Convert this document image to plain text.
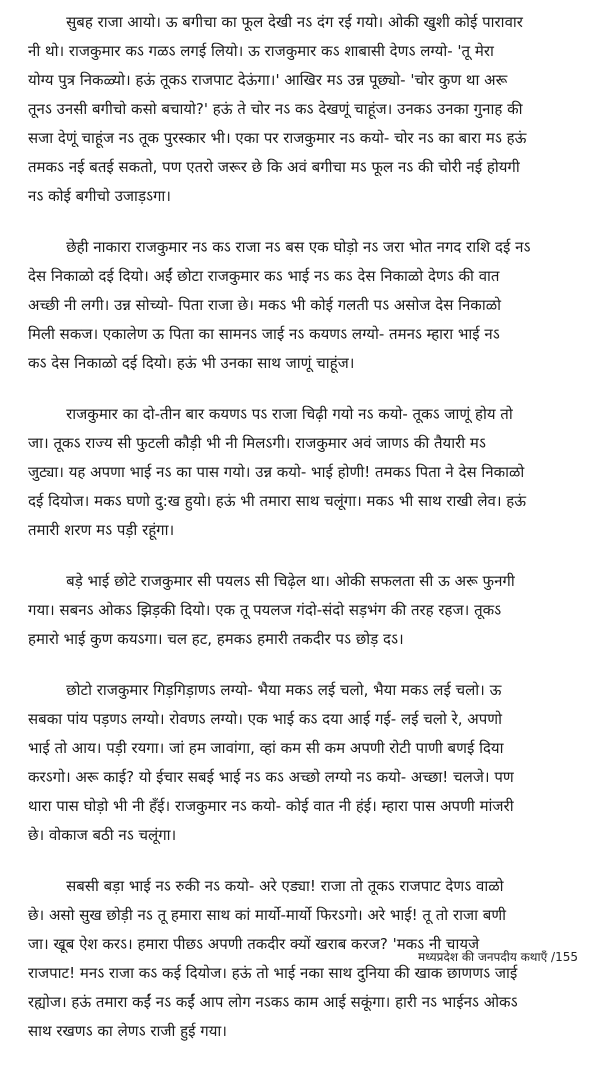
सुबह राजा आयो। ऊ बगीचा का फूल देखी नऽ दंग रई गयो। ओकी खुशी कोई पारावार
नी थो। राजकुमार कऽ गळऽ लगई लियो। ऊ राजकुमार कऽ शाबासी देणऽ लग्यो- 'तू मेरा
योग्य पुत्र निकळ्यो। हऊं तूकऽ राजपाट देऊंगा।' आखिर मऽ उन्न पूछ्यो- 'चोर कुण था अरू
तूनऽ उनसी बगीचो कसो बचायो?' हऊं ते चोर नऽ कऽ देखणूं चाहूंज। उनकऽ उनका गुनाह की
सजा देणूं चाहूंज नऽ तूक पुरस्कार भी। एका पर राजकुमार नऽ कयो- चोर नऽ का बारा मऽ हऊं
तमकऽ नई बतई सकतो, पण एतरो जरूर छे कि अवं बगीचा मऽ फूल नऽ की चोरी नई होयगी
नऽ कोई बगीचो उजाड़ऽगा।

छेही नाकारा राजकुमार नऽ कऽ राजा नऽ बस एक घोड़ो नऽ जरा भोत नगद राशि दई नऽ
देस निकाळो दई दियो। अईं छोटा राजकुमार कऽ भाई नऽ कऽ देस निकाळो देणऽ की वात
अच्छी नी लगी। उन्न सोच्यो- पिता राजा छे। मकऽ भी कोई गलती पऽ असोज देस निकाळो
मिली सकज। एकालेण ऊ पिता का सामनऽ जाई नऽ कयणऽ लग्यो- तमनऽ म्हारा भाई नऽ
कऽ देस निकाळो दई दियो। हऊं भी उनका साथ जाणूं चाहूंज।

राजकुमार का दो-तीन बार कयणऽ पऽ राजा चिढ़ी गयो नऽ कयो- तूकऽ जाणूं होय तो
जा। तूकऽ राज्य सी फुटली कौड़ी भी नी मिलऽगी। राजकुमार अवं जाणऽ की तैयारी मऽ
जुट्या। यह अपणा भाई नऽ का पास गयो। उन्न कयो- भाई होणी! तमकऽ पिता ने देस निकाळो
दई दियोज। मकऽ घणो दु:ख हुयो। हऊं भी तमारा साथ चलूंगा। मकऽ भी साथ राखी लेव। हऊं
तमारी शरण मऽ पड़ी रहूंगा।

बड़े भाई छोटे राजकुमार सी पयलऽ सी चिढ़ेल था। ओकी सफलता सी ऊ अरू फुनगी
गया। सबनऽ ओकऽ झिड़की दियो। एक तू पयलज गंदो-संदो सड़भंग की तरह रहज। तूकऽ
हमारो भाई कुण कयऽगा। चल हट, हमकऽ हमारी तकदीर पऽ छोड़ दऽ।

छोटो राजकुमार गिड़गिड़ाणऽ लग्यो- भैया मकऽ लई चलो, भैया मकऽ लई चलो। ऊ
सबका पांय पड़णऽ लग्यो। रोवणऽ लग्यो। एक भाई कऽ दया आई गई- लई चलो रे, अपणो
भाई तो आय। पड़ी रयगा। जां हम जावांगा, व्हां कम सी कम अपणी रोटी पाणी बणई दिया
करऽगो। अरू काई? यो ईचार सबई भाई नऽ कऽ अच्छो लग्यो नऽ कयो- अच्छा! चलजे। पण
थारा पास घोड़ो भी नी हँई। राजकुमार नऽ कयो- कोई वात नी हंई। म्हारा पास अपणी मांजरी
छे। वोकाज बठी नऽ चलूंगा।

सबसी बड़ा भाई नऽ रुकी नऽ कयो- अरे एड्या! राजा तो तूकऽ राजपाट देणऽ वाळो
छे। असो सुख छोड़ी नऽ तू हमारा साथ कां मार्यो-मार्यो फिरऽगो। अरे भाई! तू तो राजा बणी
जा। खूब ऐश करऽ। हमारा पीछऽ अपणी तकदीर क्यों खराब करज? 'मकऽ नी चायजे
राजपाट! मनऽ राजा कऽ कई दियोज। हऊं तो भाई नका साथ दुनिया की खाक छाणणऽ जाई
रह्योज। हऊं तमारा कईं नऽ कईं आप लोग नऽकऽ काम आई सकूंगा। हारी नऽ भाईनऽ ओकऽ
साथ रखणऽ का लेणऽ राजी हुई गया।

मध्यप्रदेश की जनपदीय कथाएँ /155
